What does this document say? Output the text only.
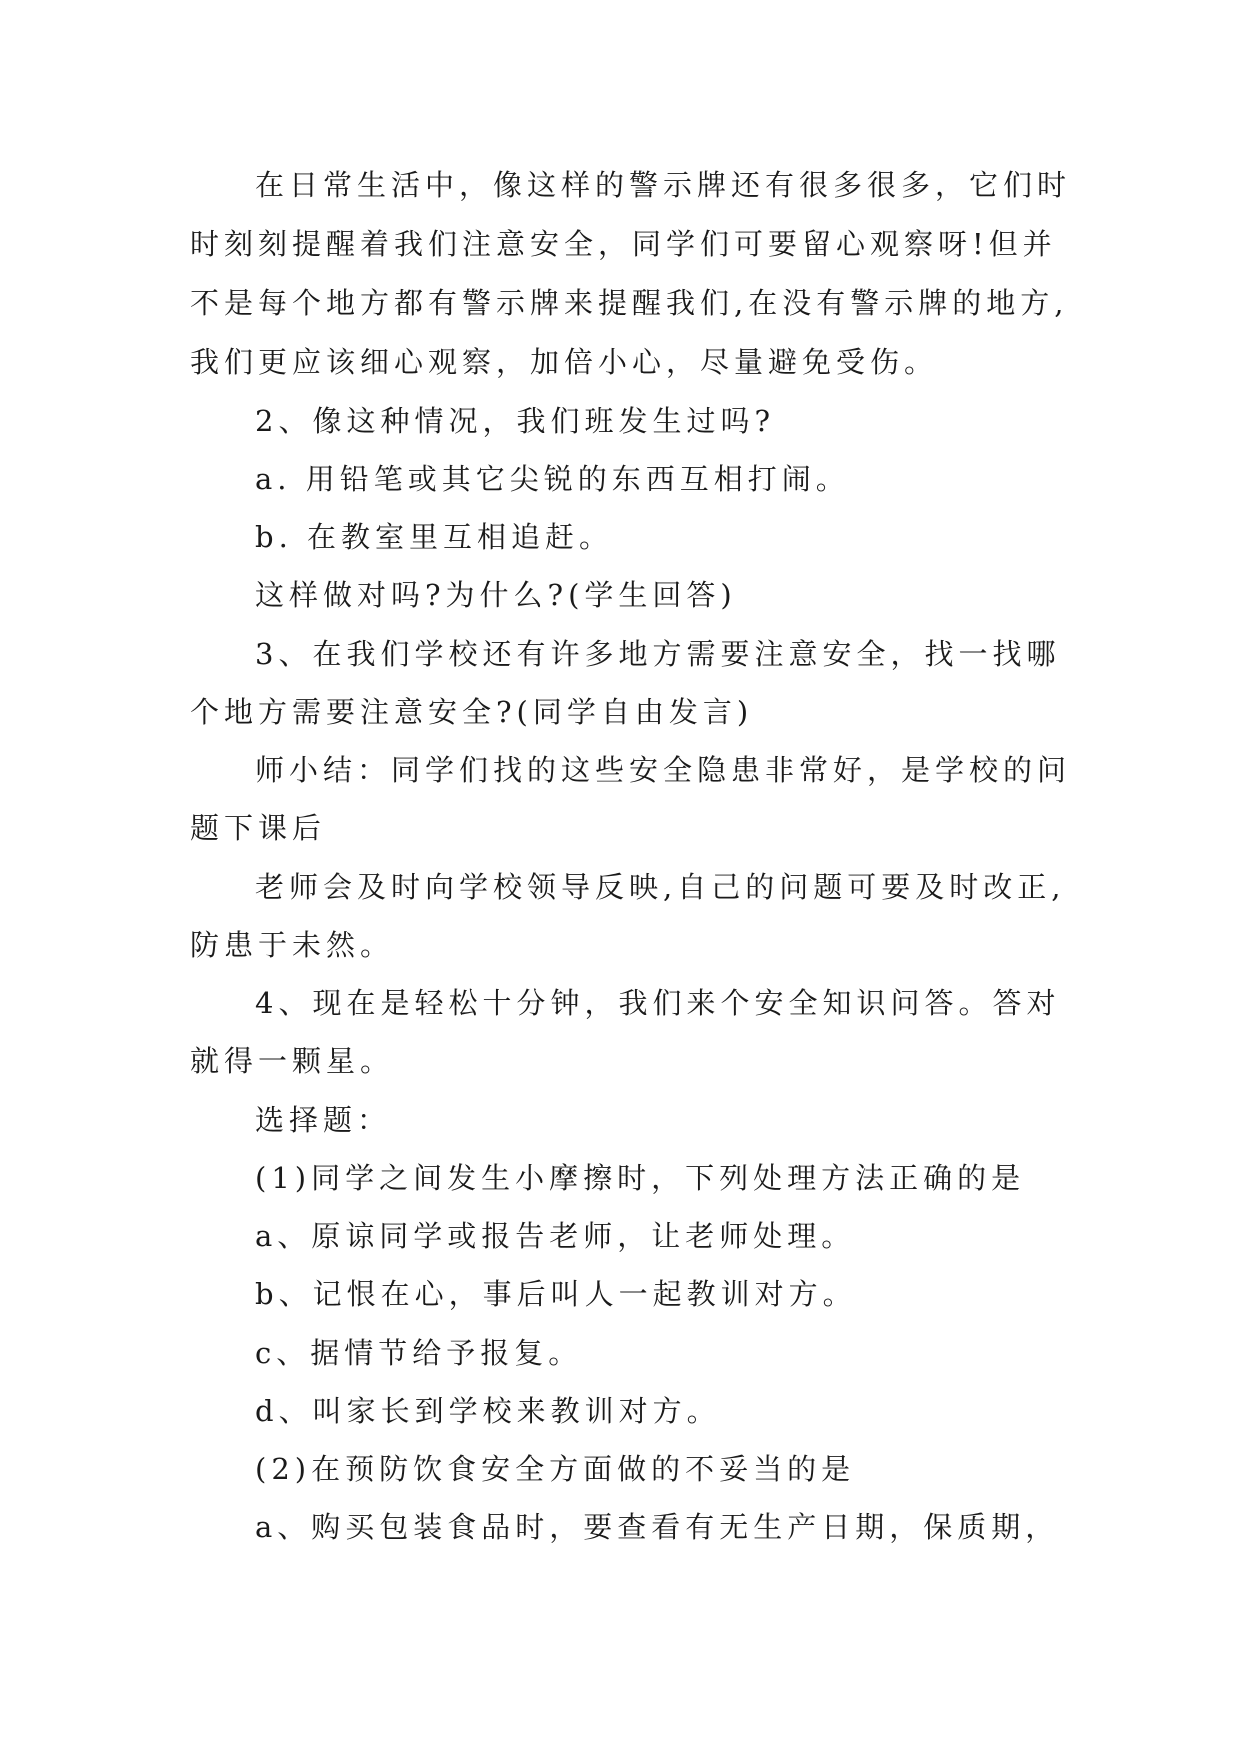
在日常生活中，像这样的警示牌还有很多很多，它们时
时刻刻提醒着我们注意安全，同学们可要留心观察呀!但并
不是每个地方都有警示牌来提醒我们,在没有警示牌的地方,
我们更应该细心观察，加倍小心，尽量避免受伤。
2、像这种情况，我们班发生过吗?
a. 用铅笔或其它尖锐的东西互相打闹。
b. 在教室里互相追赶。
这样做对吗?为什么?(学生回答)
3、在我们学校还有许多地方需要注意安全，找一找哪
个地方需要注意安全?(同学自由发言)
师小结：同学们找的这些安全隐患非常好，是学校的问
题下课后
老师会及时向学校领导反映,自己的问题可要及时改正,
防患于未然。
4、现在是轻松十分钟，我们来个安全知识问答。答对
就得一颗星。
选择题：
(1)同学之间发生小摩擦时，下列处理方法正确的是
a、原谅同学或报告老师，让老师处理。
b、记恨在心，事后叫人一起教训对方。
c、据情节给予报复。
d、叫家长到学校来教训对方。
(2)在预防饮食安全方面做的不妥当的是
a、购买包装食品时，要查看有无生产日期，保质期，
